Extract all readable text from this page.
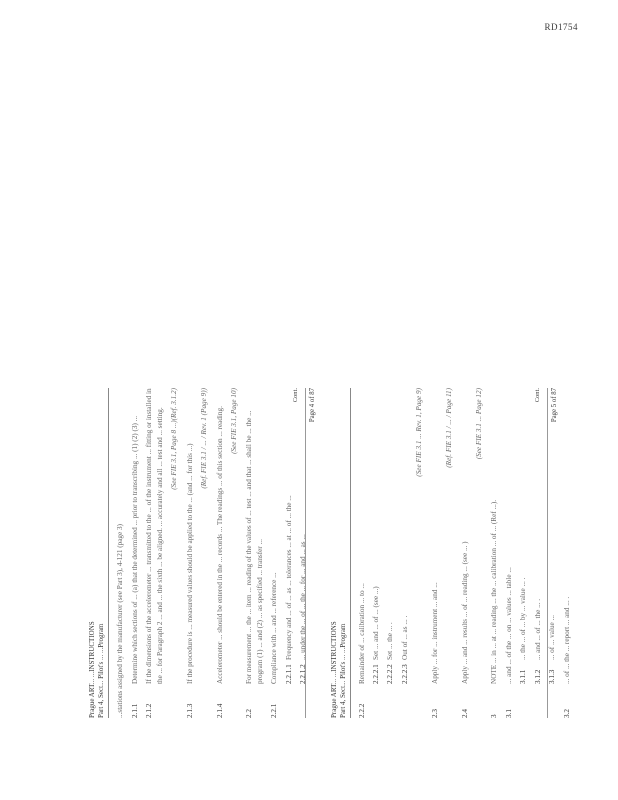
RD1754
Prague ART... ...INSTRUCTIONS Part 4, Sect... Pilot's ... ...Program ...stations assigned by the manufacturer (see Part 3), 4-121 (page 3) 2.1.1
Determine which sections of ... (a) that the determined ... prior to transcribing ... (1) (2) (3) ...
2.1.2
If the dimensions of the accelerometer ... transmitted to the ... of the instrument ... fitting or installed in the ... for Paragraph 2 ... and ... the sixth ... be aligned. ... accurately and all ... test and ... setting. (See FIE 3.1, Page 8 ...)(Ref. 3.1.2)
2.1.3
If the procedure is ... measured values should be applied to the ... (and ... for this ...)
(Ref. FIE 3.1 / ... / Rev. 1 (Page 9))
2.1.4
Accelerometer ... should be entered in the ... records ... The readings ... of this section ... reading. (See FIE 3.1, Page 10)
2.2
For measurement ... the ... item ... reading of the values of ... test ... and that ... shall be ... the ... program (1) ... and (2) ... as specified ... transfer ...
2.2.1
Compliance with ... and ... reference ... 2.2.1.1
Frequency and ... of ... as ... tolerances ... at ... of ... the ...
2.2.1.2
... under the ... of ... the ... for ... and ... as ...
Cont. Page 4 of 87
Prague ART... ...INSTRUCTIONS Part 4, Sect... Pilot's ... ...Program 2.2.2
Remainder of ... calibration ... to ... 2.2.2.1
Set ... and ... of ... (see ...)
2.2.2.2
Set ... the ... .
2.2.2.3
Out of ... as ... .
(See FIE 3.1 ... Rev. 1, Page 9)
2.3
Apply ... for ... instrument ... and ...
(Ref. FIE 3.1 / ... / Page 11)
2.4
Apply ... and ... results ... of ... reading ... (see ... )
(See FIE 3.1 ... Page 12)
3
NOTE ... in ... at ... reading ... the ... calibration ... of ... (Ref ...).
3.1
... and ... of the ... on ... values ... table ... 3.1.1
... the ... of ... by ... value ... .
3.1.2
... and ... of ... the ... .
3.1.3
... of ... value ...
3.2
... of ... the ... report ... and ... .
Cont. Page 5 of 87
